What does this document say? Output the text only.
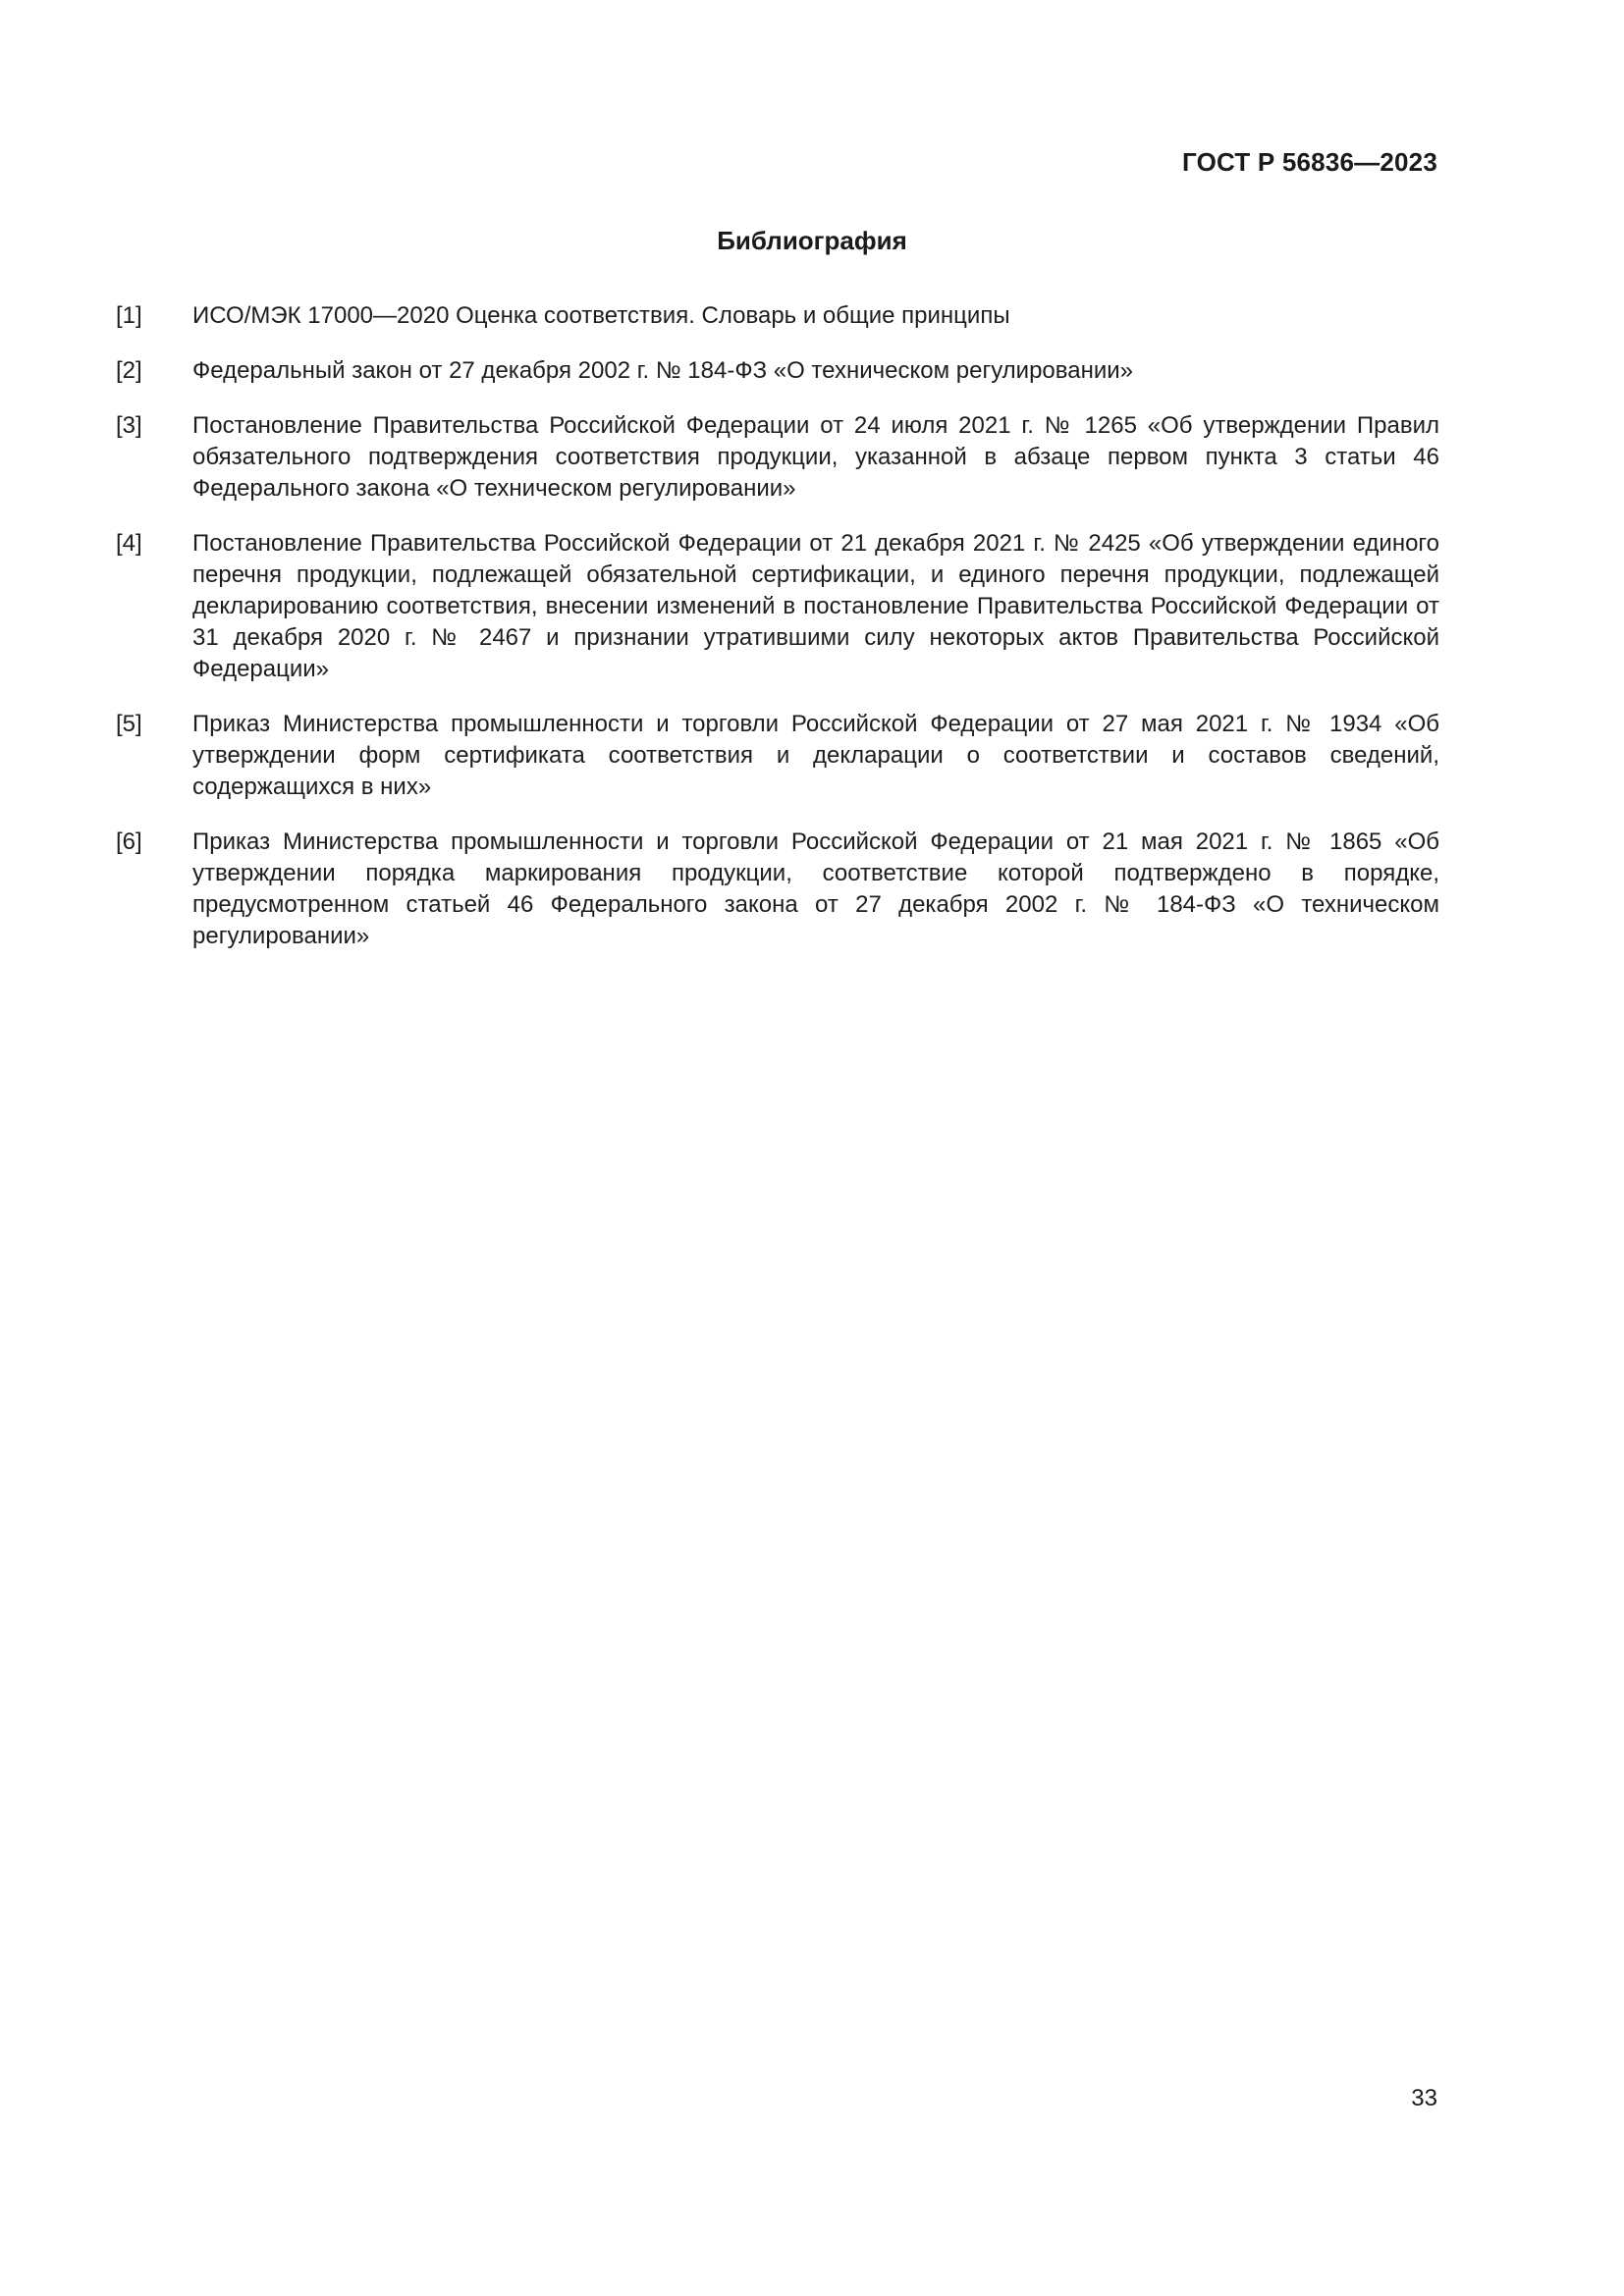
ГОСТ Р 56836—2023
Библиография
[1]	ИСО/МЭК 17000—2020 Оценка соответствия. Словарь и общие принципы
[2]	Федеральный закон от 27 декабря 2002 г. № 184-ФЗ «О техническом регулировании»
[3]	Постановление Правительства Российской Федерации от 24 июля 2021 г. № 1265 «Об утверждении Правил обязательного подтверждения соответствия продукции, указанной в абзаце первом пункта 3 статьи 46 Федерального закона «О техническом регулировании»
[4]	Постановление Правительства Российской Федерации от 21 декабря 2021 г. № 2425 «Об утверждении единого перечня продукции, подлежащей обязательной сертификации, и единого перечня продукции, подлежащей декларированию соответствия, внесении изменений в постановление Правительства Российской Федерации от 31 декабря 2020 г. № 2467 и признании утратившими силу некоторых актов Правительства Российской Федерации»
[5]	Приказ Министерства промышленности и торговли Российской Федерации от 27 мая 2021 г. № 1934 «Об утверждении форм сертификата соответствия и декларации о соответствии и составов сведений, содержащихся в них»
[6]	Приказ Министерства промышленности и торговли Российской Федерации от 21 мая 2021 г. № 1865 «Об утверждении порядка маркирования продукции, соответствие которой подтверждено в порядке, предусмотренном статьей 46 Федерального закона от 27 декабря 2002 г. № 184-ФЗ «О техническом регулировании»
33
